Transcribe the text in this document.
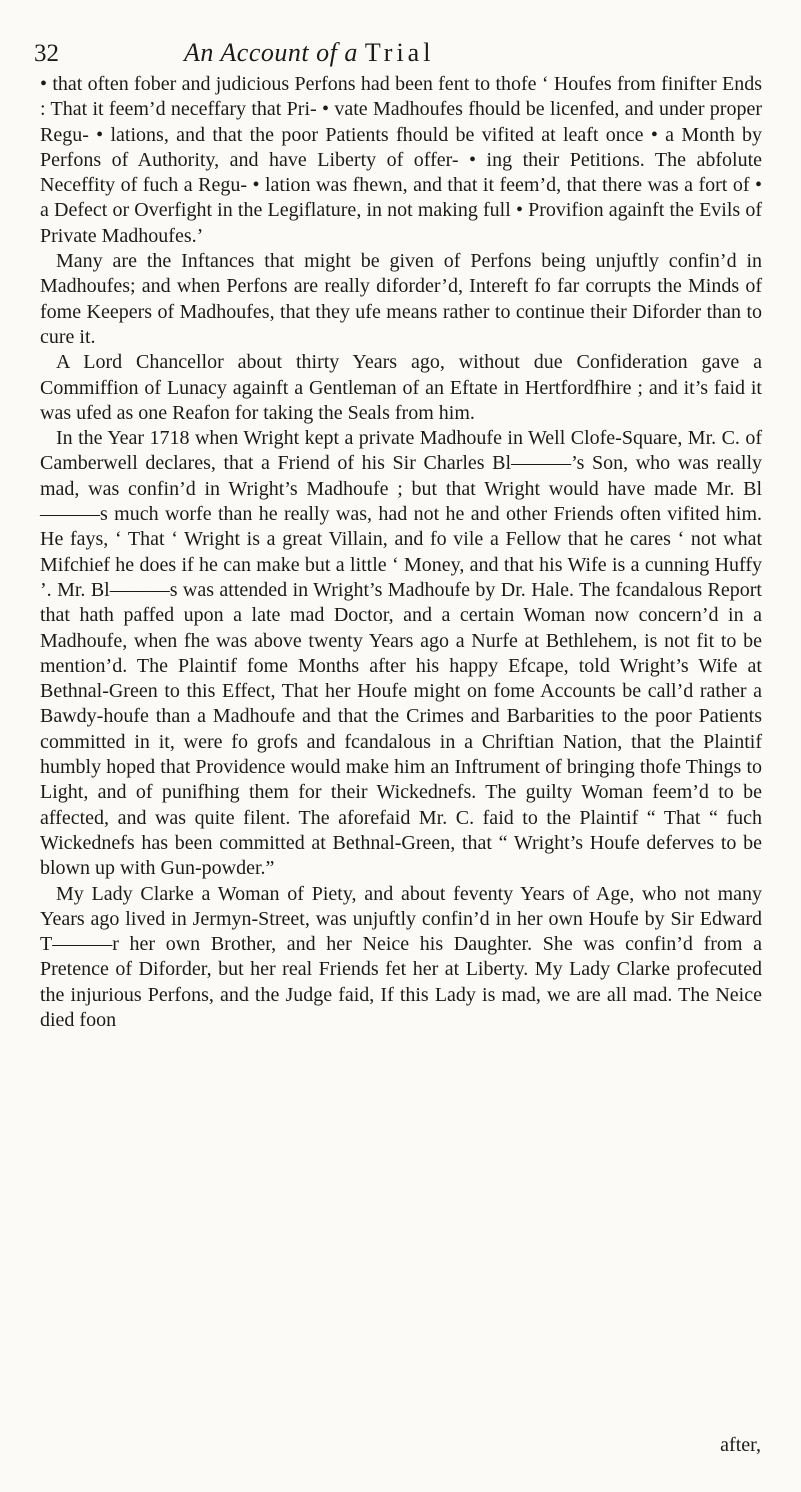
32	An Account of a Trial

• that often fober and judicious Perfons had been fent to thofe ‘ Houfes from finifter Ends : That it feem’d neceffary that Pri- • vate Madhoufes fhould be licenfed, and under proper Regu- • lations, and that the poor Patients fhould be vifited at leaft once • a Month by Perfons of Authority, and have Liberty of offer- • ing their Petitions. The abfolute Neceffity of fuch a Regu- • lation was fhewn, and that it feem’d, that there was a fort of • a Defect or Overfight in the Legiflature, in not making full • Provifion againft the Evils of Private Madhoufes.’

Many are the Inftances that might be given of Perfons being unjuftly confin’d in Madhoufes; and when Perfons are really diforder’d, Intereft fo far corrupts the Minds of fome Keepers of Madhoufes, that they ufe means rather to continue their Diforder than to cure it.

A Lord Chancellor about thirty Years ago, without due Confideration gave a Commiffion of Lunacy againft a Gentleman of an Eftate in Hertfordfhire ; and it’s faid it was ufed as one Reafon for taking the Seals from him.

In the Year 1718 when Wright kept a private Madhoufe in Well Clofe-Square, Mr. C. of Camberwell declares, that a Friend of his Sir Charles Bl———’s Son, who was really mad, was confin’d in Wright’s Madhoufe ; but that Wright would have made Mr. Bl———s much worfe than he really was, had not he and other Friends often vifited him. He fays, ‘ That ‘ Wright is a great Villain, and fo vile a Fellow that he cares ‘ not what Mifchief he does if he can make but a little ‘ Money, and that his Wife is a cunning Huffy ’. Mr. Bl———s was attended in Wright’s Madhoufe by Dr. Hale. The fcandalous Report that hath paffed upon a late mad Doctor, and a certain Woman now concern’d in a Madhoufe, when fhe was above twenty Years ago a Nurfe at Bethlehem, is not fit to be mention’d. The Plaintif fome Months after his happy Efcape, told Wright’s Wife at Bethnal-Green to this Effect, That her Houfe might on fome Accounts be call’d rather a Bawdy-houfe than a Madhoufe and that the Crimes and Barbarities to the poor Patients committed in it, were fo grofs and fcandalous in a Chriftian Nation, that the Plaintif humbly hoped that Providence would make him an Inftrument of bringing thofe Things to Light, and of punifhing them for their Wickednefs. The guilty Woman feem’d to be affected, and was quite filent. The aforefaid Mr. C. faid to the Plaintif “ That “ fuch Wickednefs has been committed at Bethnal-Green, that “ Wright’s Houfe deferves to be blown up with Gun-powder.”

My Lady Clarke a Woman of Piety, and about feventy Years of Age, who not many Years ago lived in Jermyn-Street, was unjuftly confin’d in her own Houfe by Sir Edward T———r her own Brother, and her Neice his Daughter. She was confin’d from a Pretence of Diforder, but her real Friends fet her at Liberty. My Lady Clarke profecuted the injurious Perfons, and the Judge faid, If this Lady is mad, we are all mad. The Neice died foon

after,
